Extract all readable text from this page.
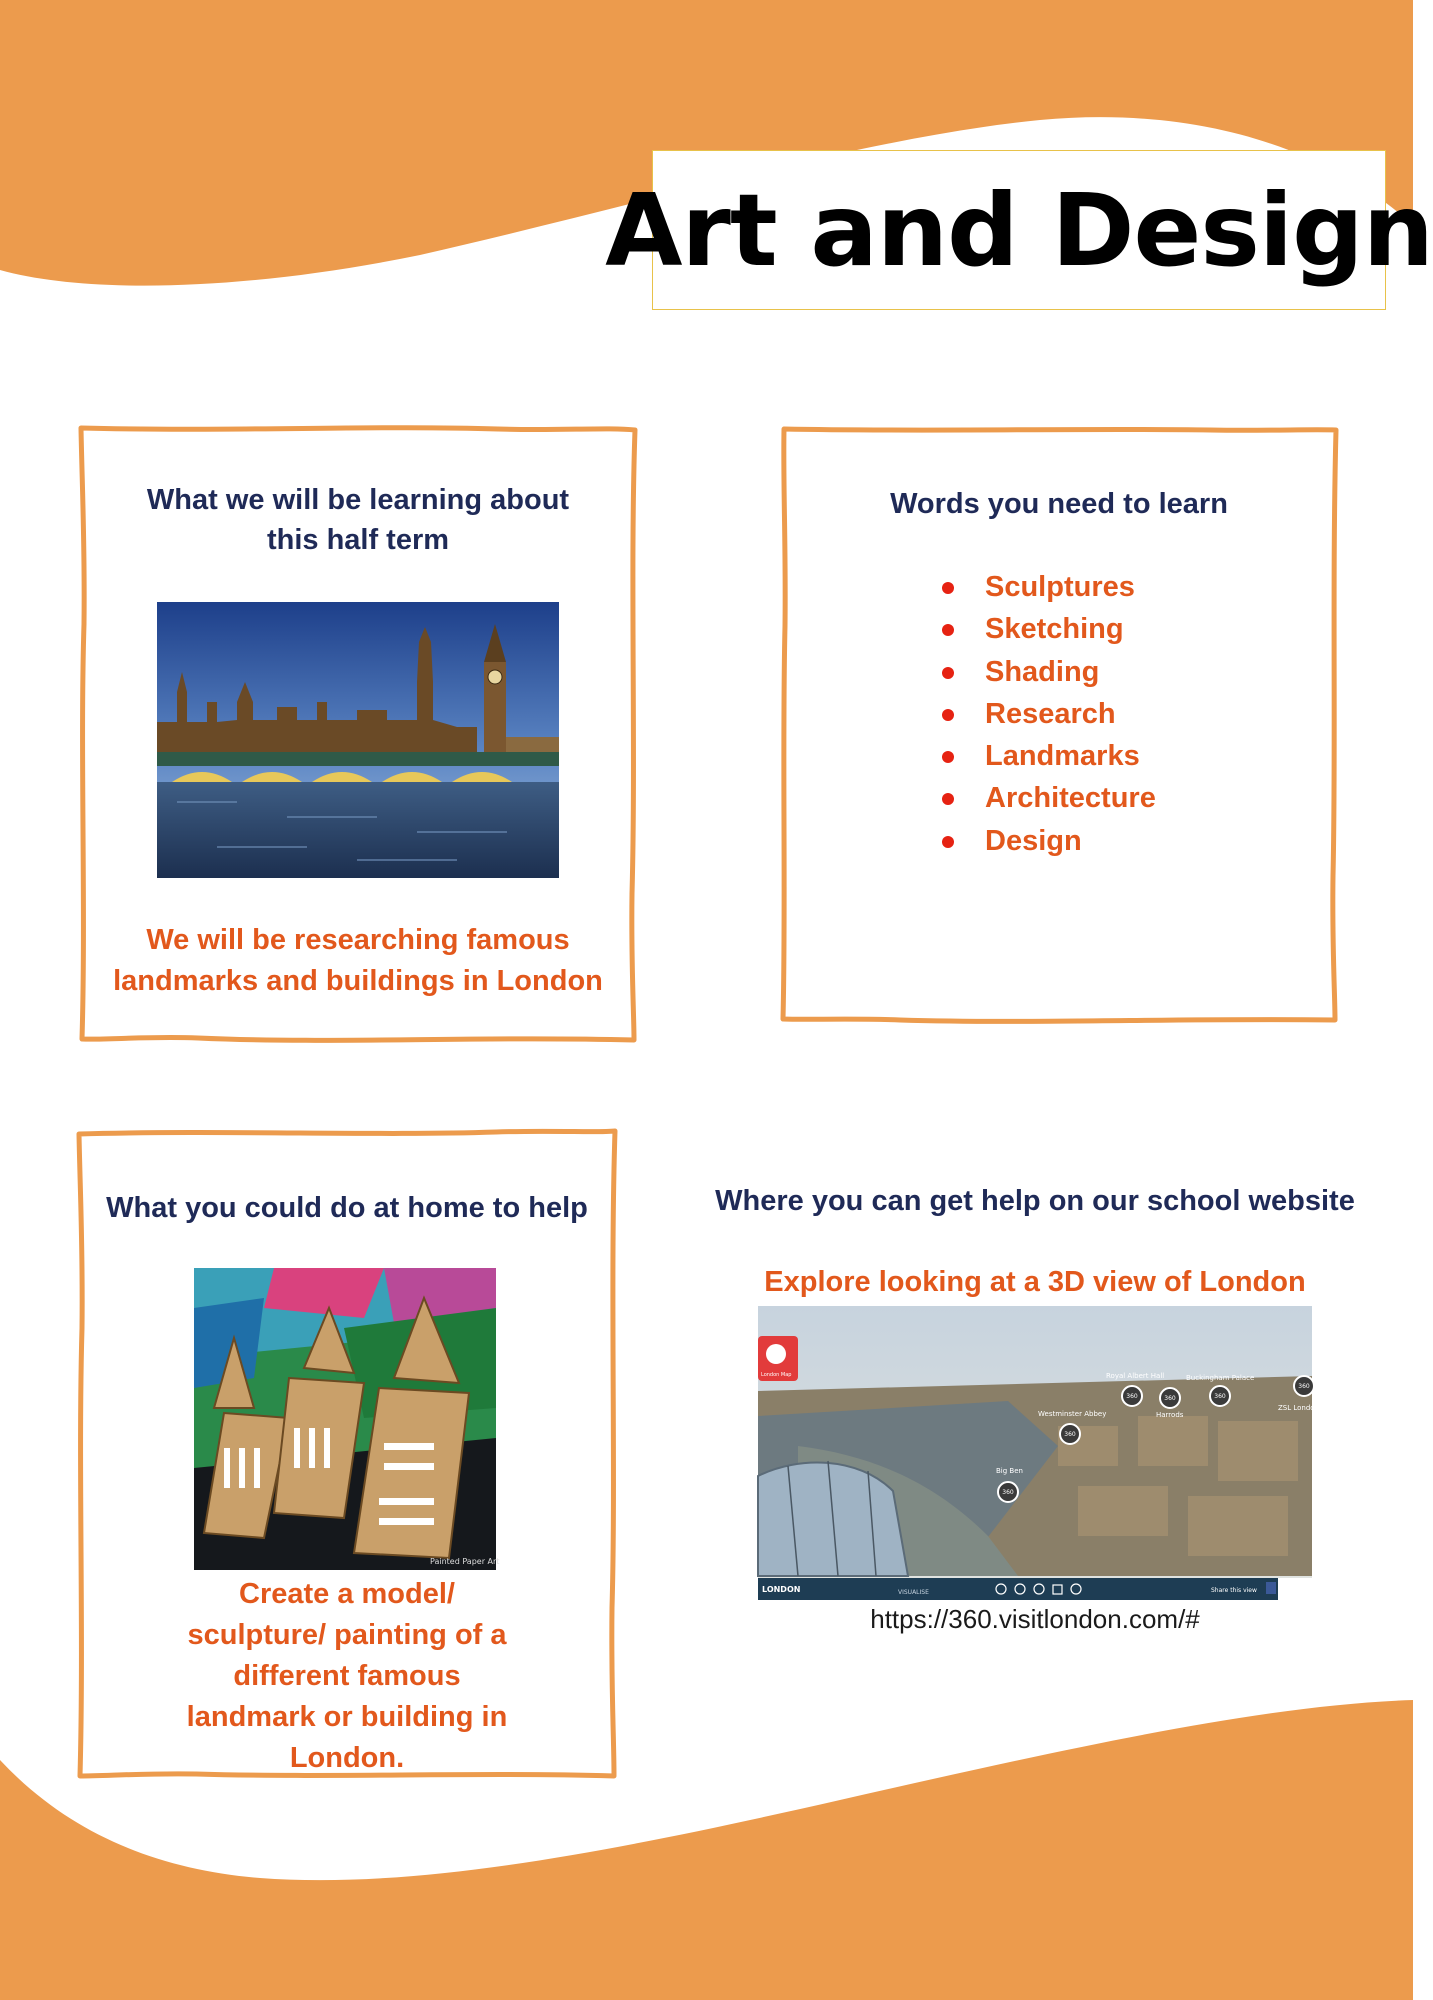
Art and Design
What we will be learning about this half term
We will be researching famous landmarks and buildings in London
Words you need to learn
Sculptures
Sketching
Shading
Research
Landmarks
Architecture
Design
What you could do at home to help
Painted Paper Art
Create a model/ sculpture/ painting of a different famous landmark or building in London.
Where you can get help on our school website
Explore looking at a 3D view of London
London Map	Royal Albert Hall	Buckingham Palace
Westminster Abbey	Harrods
Big Ben
ZSL London
360	360	360
360
360
360
LONDON	VISUALISE	Share this view
https://360.visitlondon.com/#
